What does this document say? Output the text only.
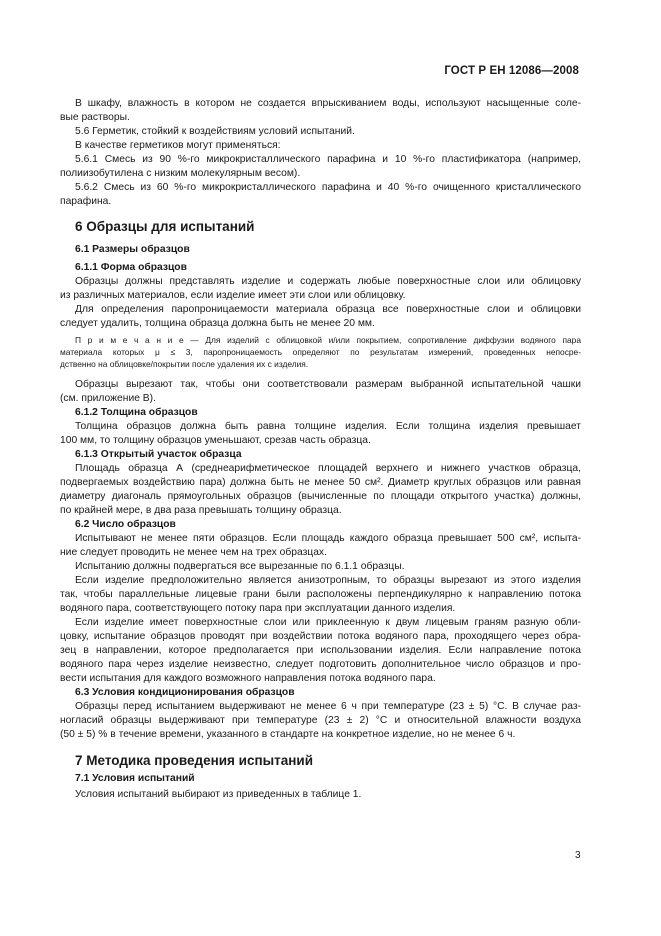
ГОСТ Р ЕН 12086—2008
В шкафу, влажность в котором не создается впрыскиванием воды, используют насыщенные соле-
вые растворы.
5.6 Герметик, стойкий к воздействиям условий испытаний.
В качестве герметиков могут применяться:
5.6.1 Смесь из 90 %-го микрокристаллического парафина и 10 %-го пластификатора (например,
полиизобутилена с низким молекулярным весом).
5.6.2 Смесь из 60 %-го микрокристаллического парафина и 40 %-го очищенного кристаллического
парафина.
6 Образцы для испытаний
6.1 Размеры образцов
6.1.1 Форма образцов
Образцы должны представлять изделие и содержать любые поверхностные слои или облицовку
из различных материалов, если изделие имеет эти слои или облицовку.
Для определения паропроницаемости материала образца все поверхностные слои и облицовки
следует удалить, толщина образца должна быть не менее 20 мм.
П р и м е ч а н и е — Для изделий с облицовкой и/или покрытием, сопротивление диффузии водяного пара
материала которых μ ≤ 3, паропроницаемость определяют по результатам измерений, проведенных непосре-
дственно на облицовке/покрытии после удаления их с изделия.
Образцы вырезают так, чтобы они соответствовали размерам выбранной испытательной чашки
(см. приложение В).
6.1.2 Толщина образцов
Толщина образцов должна быть равна толщине изделия. Если толщина изделия превышает
100 мм, то толщину образцов уменьшают, срезав часть образца.
6.1.3 Открытый участок образца
Площадь образца А (среднеарифметическое площадей верхнего и нижнего участков образца,
подвергаемых воздействию пара) должна быть не менее 50 см². Диаметр круглых образцов или равная
диаметру диагональ прямоугольных образцов (вычисленные по площади открытого участка) должны,
по крайней мере, в два раза превышать толщину образца.
6.2 Число образцов
Испытывают не менее пяти образцов. Если площадь каждого образца превышает 500 см², испыта-
ние следует проводить не менее чем на трех образцах.
Испытанию должны подвергаться все вырезанные по 6.1.1 образцы.
Если изделие предположительно является анизотропным, то образцы вырезают из этого изделия
так, чтобы параллельные лицевые грани были расположены перпендикулярно к направлению потока
водяного пара, соответствующего потоку пара при эксплуатации данного изделия.
Если изделие имеет поверхностные слои или приклеенную к двум лицевым граням разную обли-
цовку, испытание образцов проводят при воздействии потока водяного пара, проходящего через обра-
зец в направлении, которое предполагается при использовании изделия. Если направление потока
водяного пара через изделие неизвестно, следует подготовить дополнительное число образцов и про-
вести испытания для каждого возможного направления потока водяного пара.
6.3 Условия кондиционирования образцов
Образцы перед испытанием выдерживают не менее 6 ч при температуре (23 ± 5) °С. В случае раз-
ногласий образцы выдерживают при температуре (23 ± 2) °С и относительной влажности воздуха
(50 ± 5) % в течение времени, указанного в стандарте на конкретное изделие, но не менее 6 ч.
7 Методика проведения испытаний
7.1 Условия испытаний
Условия испытаний выбирают из приведенных в таблице 1.
3
